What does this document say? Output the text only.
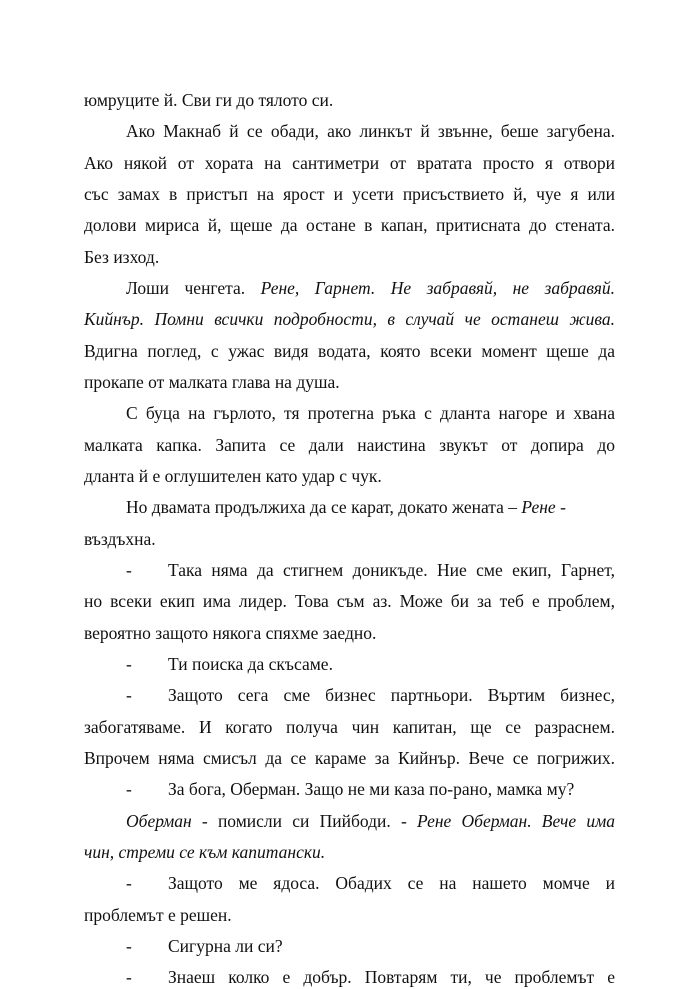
юмруците й. Сви ги до тялото си.
Ако Макнаб й се обади, ако линкът й звънне, беше загубена.
Ако някой от хората на сантиметри от вратата просто я отвори
със замах в пристъп на ярост и усети присъствието й, чуе я или
долови мириса й, щеше да остане в капан, притисната до стената.
Без изход.
Лоши ченгета. Рене, Гарнет. Не забравяй, не забравяй.
Кийнър. Помни всички подробности, в случай че останеш жива.
Вдигна поглед, с ужас видя водата, която всеки момент щеше да
прокапе от малката глава на душа.
С буца на гърлото, тя протегна ръка с дланта нагоре и хвана
малката капка. Запита се дали наистина звукът от допира до
дланта й е оглушителен като удар с чук.
Но двамата продължиха да се карат, докато жената – Рене -
въздъхна.
- Така няма да стигнем доникъде. Ние сме екип, Гарнет,
но всеки екип има лидер. Това съм аз. Може би за теб е проблем,
вероятно защото някога спяхме заедно.
- Ти поиска да скъсаме.
- Защото сега сме бизнес партньори. Въртим бизнес,
забогатяваме. И когато получа чин капитан, ще се разраснем.
Впрочем няма смисъл да се караме за Кийнър. Вече се погрижих.
- За бога, Оберман. Защо не ми каза по-рано, мамка му?
Оберман - помисли си Пийбоди. - Рене Оберман. Вече има
чин, стреми се към капитански.
- Защото ме ядоса. Обадих се на нашето момче и
проблемът е решен.
- Сигурна ли си?
- Знаеш колко е добър. Повтарям ти, че проблемът е
